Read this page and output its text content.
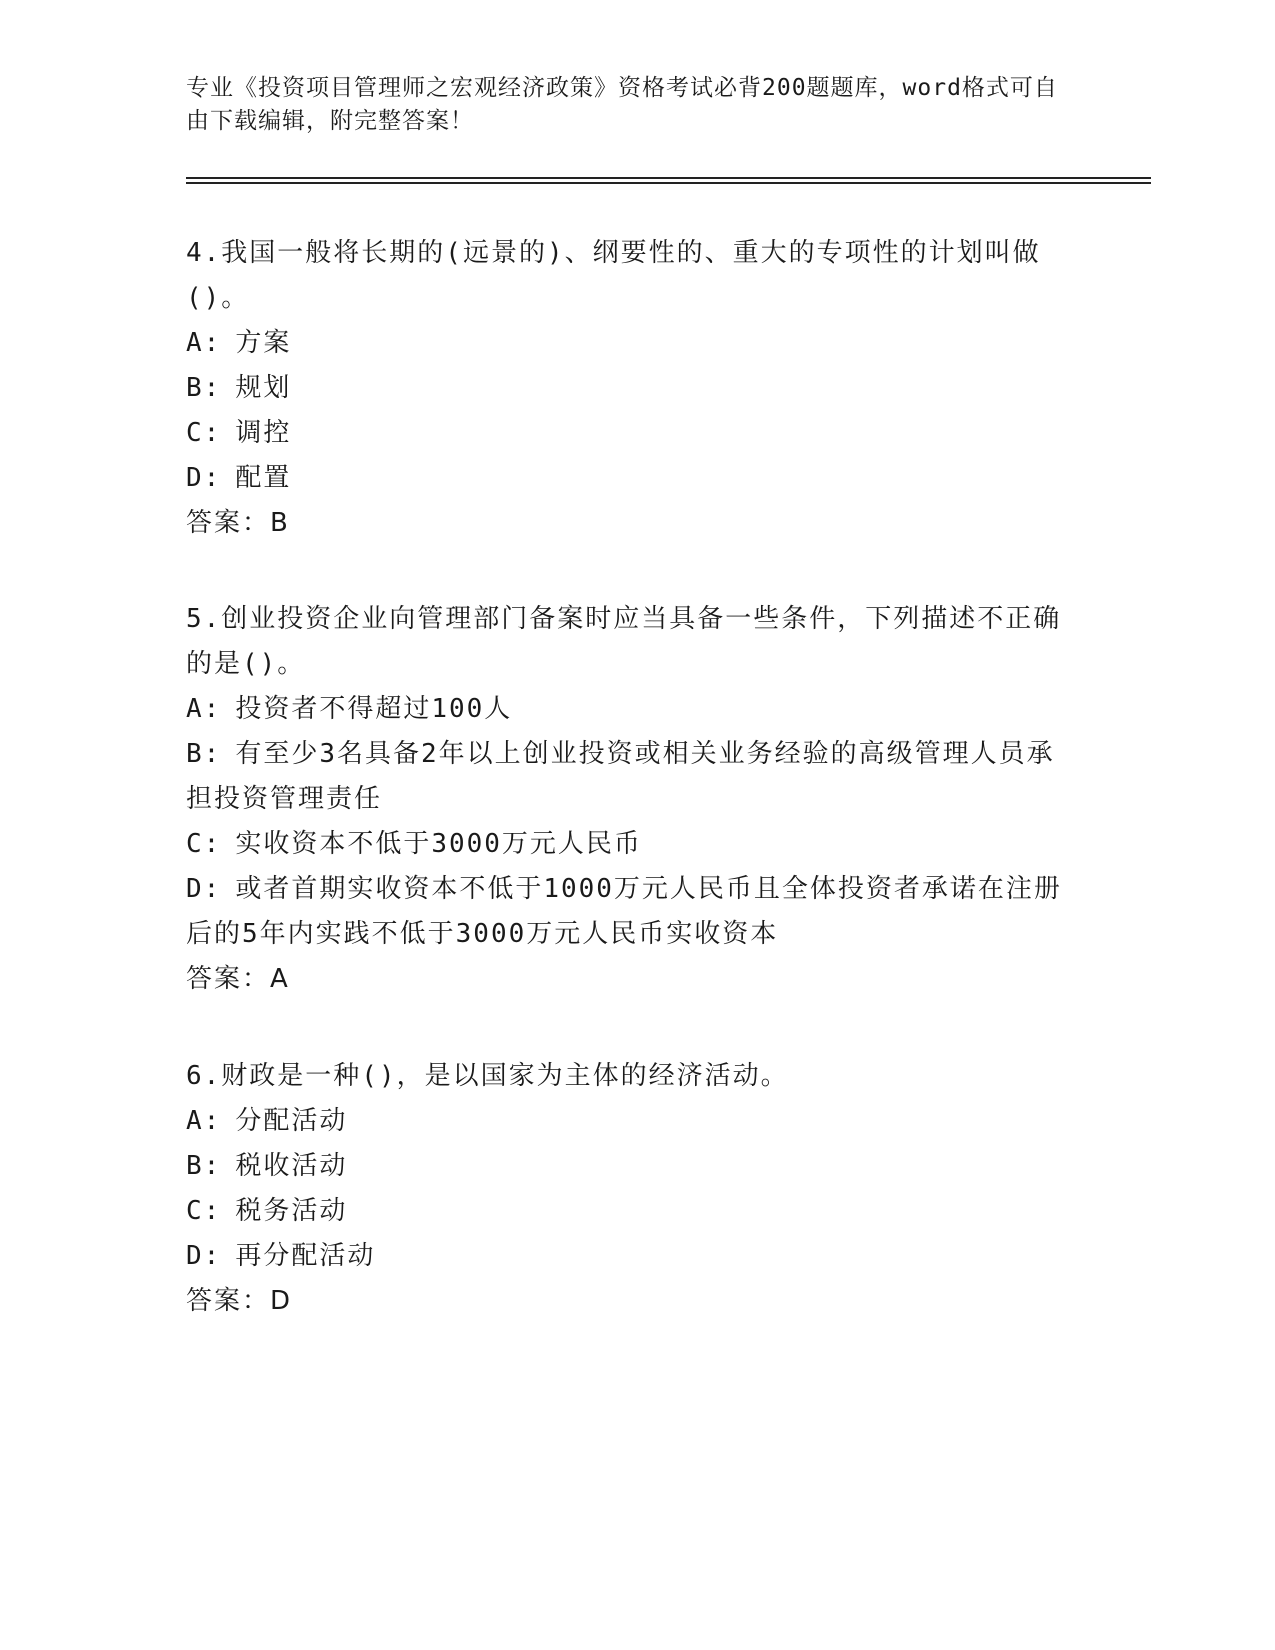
专业《投资项目管理师之宏观经济政策》资格考试必背200题题库，word格式可自由下载编辑，附完整答案！

4.我国一般将长期的(远景的)、纲要性的、重大的专项性的计划叫做()。

A: 方案

B: 规划

C: 调控

D: 配置

答案：B

5.创业投资企业向管理部门备案时应当具备一些条件，下列描述不正确的是()。

A: 投资者不得超过100人

B: 有至少3名具备2年以上创业投资或相关业务经验的高级管理人员承担投资管理责任

C: 实收资本不低于3000万元人民币

D: 或者首期实收资本不低于1000万元人民币且全体投资者承诺在注册后的5年内实践不低于3000万元人民币实收资本

答案：A

6.财政是一种()，是以国家为主体的经济活动。

A: 分配活动

B: 税收活动

C: 税务活动

D: 再分配活动

答案：D
